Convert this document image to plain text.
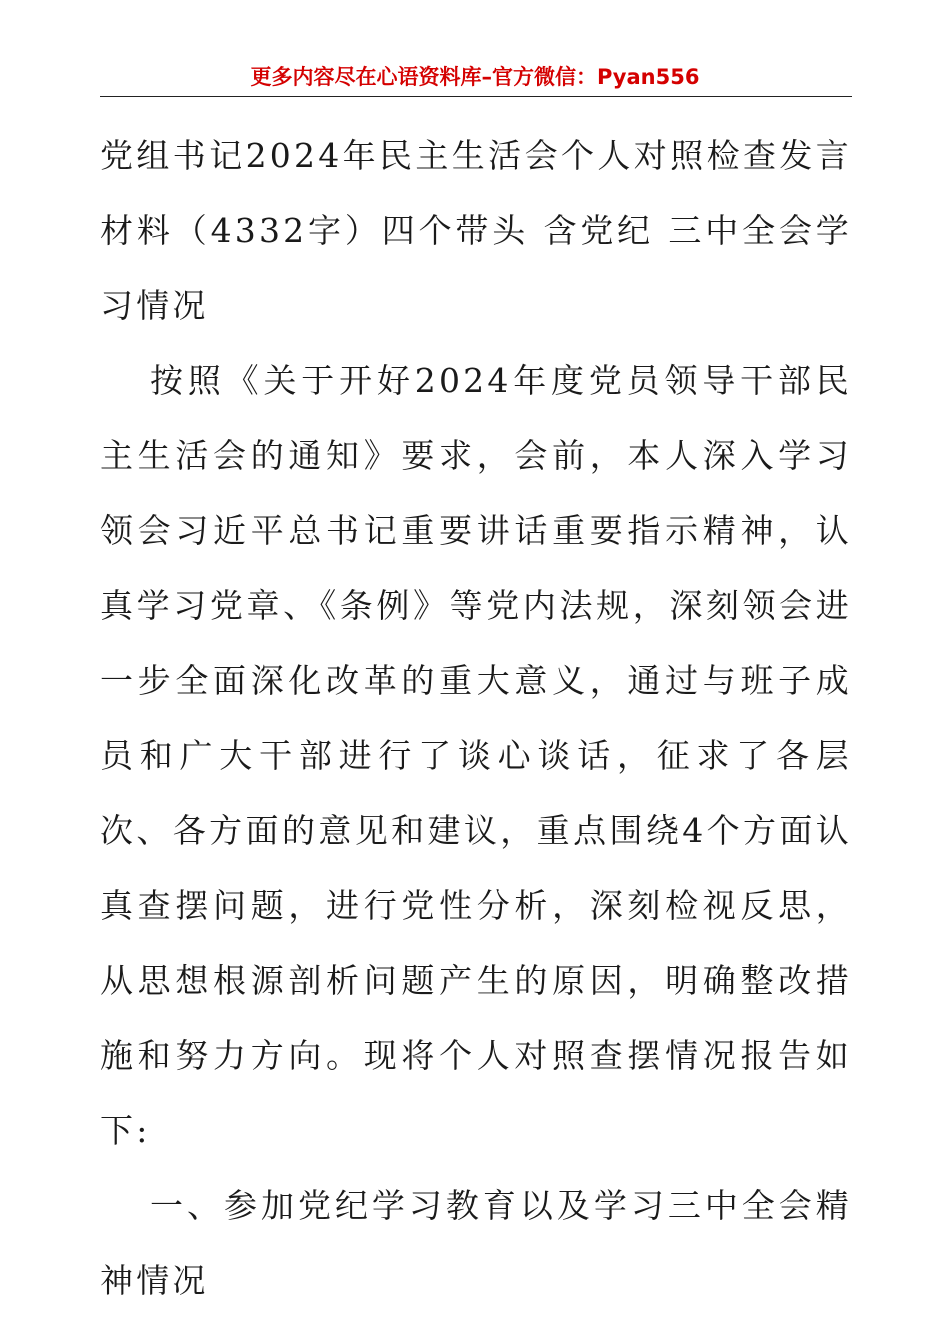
更多内容尽在心语资料库–官方微信：Pyan556

党组书记2024年民主生活会个人对照检查发言材料（4332字）四个带头 含党纪 三中全会学习情况

按照《关于开好2024年度党员领导干部民主生活会的通知》要求，会前，本人深入学习领会习近平总书记重要讲话重要指示精神，认真学习党章、《条例》等党内法规，深刻领会进一步全面深化改革的重大意义，通过与班子成员和广大干部进行了谈心谈话，征求了各层次、各方面的意见和建议，重点围绕4个方面认真查摆问题，进行党性分析，深刻检视反思，从思想根源剖析问题产生的原因，明确整改措施和努力方向。现将个人对照查摆情况报告如下:

一、参加党纪学习教育以及学习三中全会精神情况
